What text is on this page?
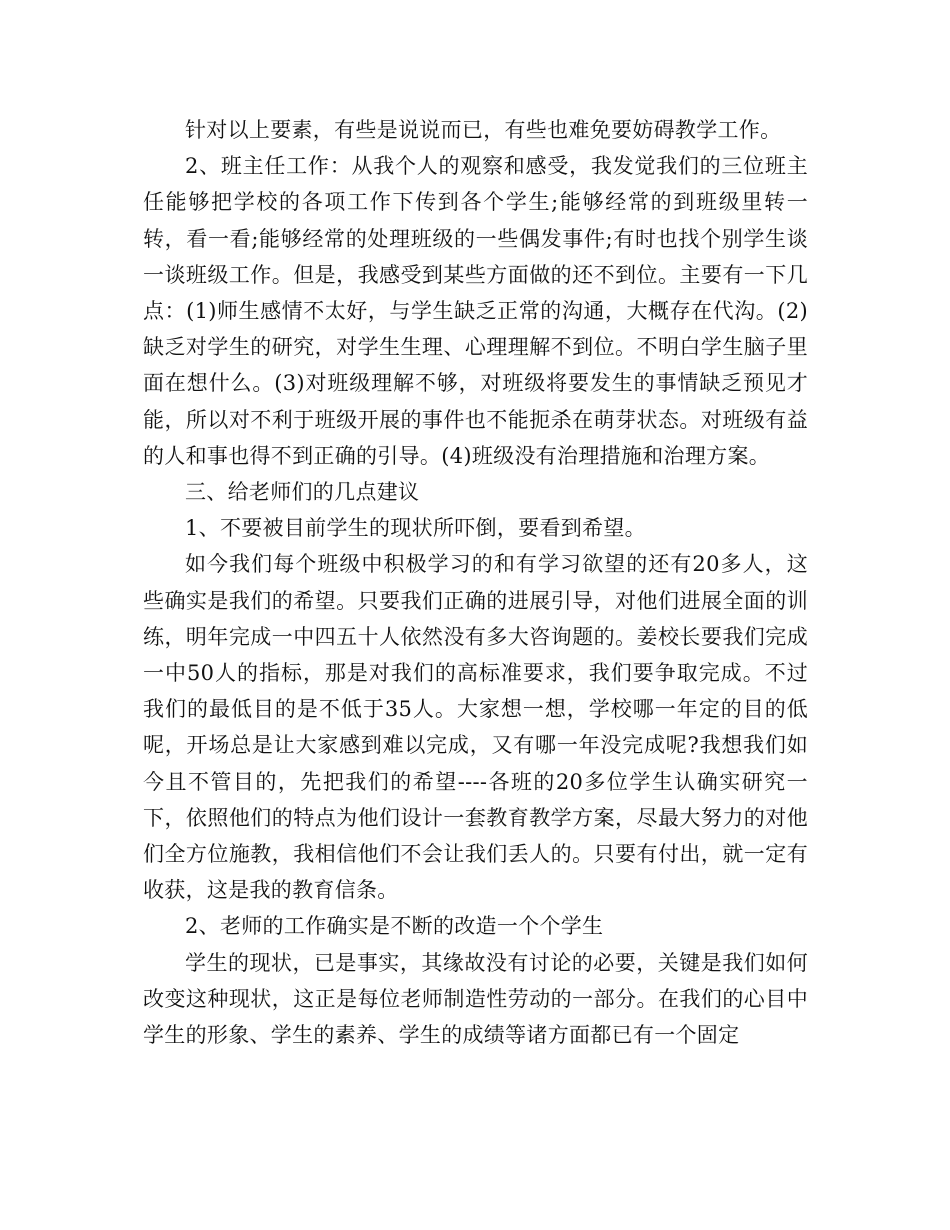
针对以上要素，有些是说说而已，有些也难免要妨碍教学工作。

2、班主任工作：从我个人的观察和感受，我发觉我们的三位班主任能够把学校的各项工作下传到各个学生;能够经常的到班级里转一转，看一看;能够经常的处理班级的一些偶发事件;有时也找个别学生谈一谈班级工作。但是，我感受到某些方面做的还不到位。主要有一下几点：(1)师生感情不太好，与学生缺乏正常的沟通，大概存在代沟。(2)缺乏对学生的研究，对学生生理、心理理解不到位。不明白学生脑子里面在想什么。(3)对班级理解不够，对班级将要发生的事情缺乏预见才能，所以对不利于班级开展的事件也不能扼杀在萌芽状态。对班级有益的人和事也得不到正确的引导。(4)班级没有治理措施和治理方案。

三、给老师们的几点建议

1、不要被目前学生的现状所吓倒，要看到希望。

如今我们每个班级中积极学习的和有学习欲望的还有20多人，这些确实是我们的希望。只要我们正确的进展引导，对他们进展全面的训练，明年完成一中四五十人依然没有多大咨询题的。姜校长要我们完成一中50人的指标，那是对我们的高标准要求，我们要争取完成。不过我们的最低目的是不低于35人。大家想一想，学校哪一年定的目的低呢，开场总是让大家感到难以完成，又有哪一年没完成呢?我想我们如今且不管目的，先把我们的希望----各班的20多位学生认确实研究一下，依照他们的特点为他们设计一套教育教学方案，尽最大努力的对他们全方位施教，我相信他们不会让我们丢人的。只要有付出，就一定有收获，这是我的教育信条。

2、老师的工作确实是不断的改造一个个学生

学生的现状，已是事实，其缘故没有讨论的必要，关键是我们如何改变这种现状，这正是每位老师制造性劳动的一部分。在我们的心目中学生的形象、学生的素养、学生的成绩等诸方面都已有一个固定
